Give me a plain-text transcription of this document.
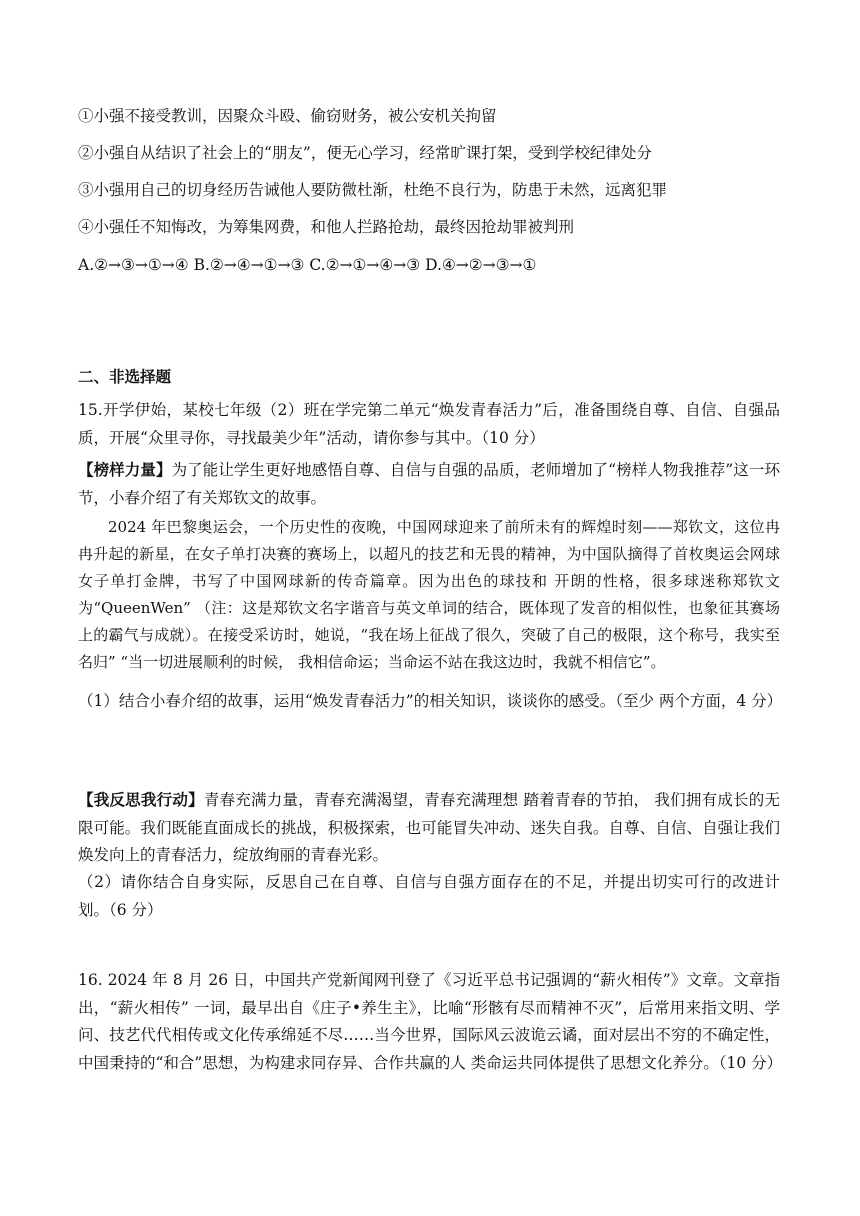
①小强不接受教训，因聚众斗殴、偷窃财务，被公安机关拘留
②小强自从结识了社会上的“朋友”，便无心学习，经常旷课打架，受到学校纪律处分
③小强用自己的切身经历告诫他人要防微杜渐，杜绝不良行为，防患于未然，远离犯罪
④小强任不知悔改，为筹集网费，和他人拦路抢劫，最终因抢劫罪被判刑
A.②→③→①→④ B.②→④→①→③ C.②→①→④→③ D.④→②→③→①
二、非选择题
15.开学伊始，某校七年级（2）班在学完第二单元“焕发青春活力”后，准备围绕自尊、自信、自强品质，开展“众里寻你，寻找最美少年”活动，请你参与其中。（10 分）
【榜样力量】为了能让学生更好地感悟自尊、自信与自强的品质，老师增加了“榜样人物我推荐”这一环节，小春介绍了有关郑钦文的故事。
2024 年巴黎奥运会，一个历史性的夜晚，中国网球迎来了前所未有的辉煌时刻——郑钦文，这位冉冉升起的新星，在女子单打决赛的赛场上，以超凡的技艺和无畏的精神，为中国队摘得了首枚奥运会网球女子单打金牌，书写了中国网球新的传奇篇章。因为出色的球技和 开朗的性格，很多球迷称郑钦文为“QueenWen” （注：这是郑钦文名字谐音与英文单词的结合，既体现了发音的相似性，也象征其赛场上的霸气与成就）。在接受采访时，她说，“我在场上征战了很久，突破了自己的极限，这个称号，我实至名归” “当一切进展顺利的时候， 我相信命运；当命运不站在我这边时，我就不相信它”。
（1）结合小春介绍的故事，运用“焕发青春活力”的相关知识，谈谈你的感受。（至少 两个方面，4 分）
【我反思我行动】青春充满力量，青春充满渴望，青春充满理想 踏着青春的节拍， 我们拥有成长的无限可能。我们既能直面成长的挑战，积极探索，也可能冒失冲动、迷失自我。自尊、自信、自强让我们焕发向上的青春活力，绽放绚丽的青春光彩。
（2）请你结合自身实际，反思自己在自尊、自信与自强方面存在的不足，并提出切实可行的改进计划。（6 分）
16. 2024 年 8 月 26 日，中国共产党新闻网刊登了《习近平总书记强调的“薪火相传”》文章。文章指出，“薪火相传” 一词，最早出自《庄子•养生主》，比喻“形骸有尽而精神不灭”，后常用来指文明、学问、技艺代代相传或文化传承绵延不尽……当今世界，国际风云波诡云谲，面对层出不穷的不确定性，中国秉持的“和合”思想，为构建求同存异、合作共赢的人 类命运共同体提供了思想文化养分。（10 分）
